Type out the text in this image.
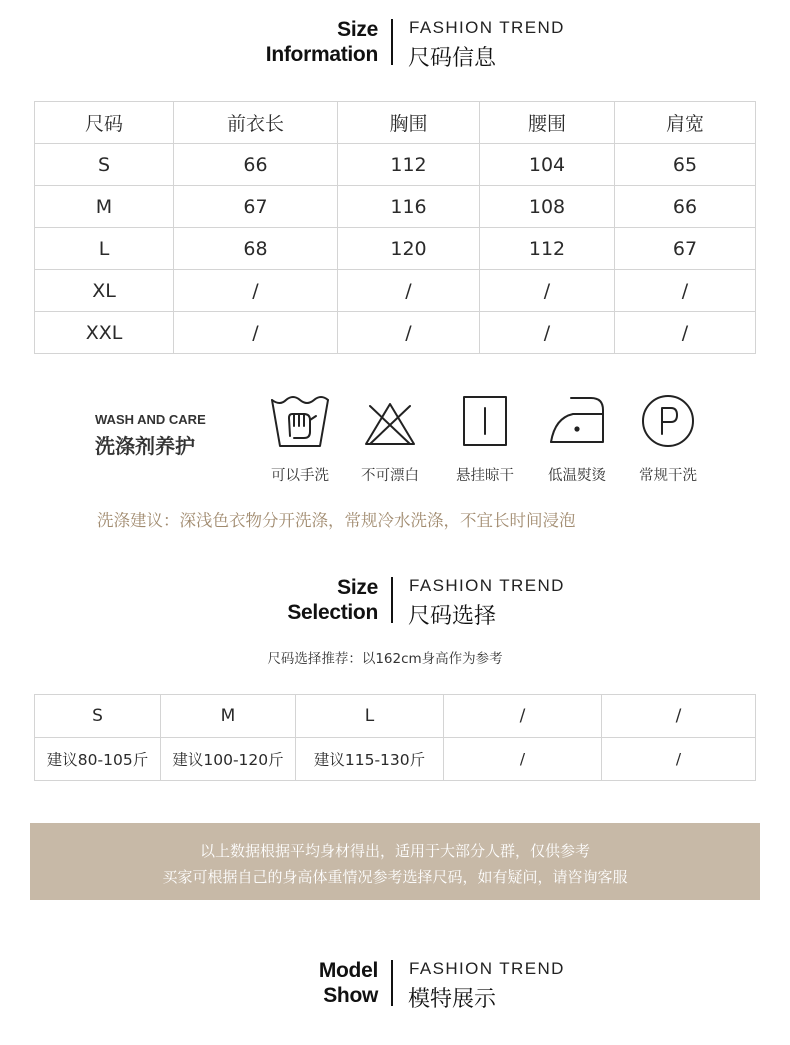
Size
Information
FASHION TREND
尺码信息
尺码	前衣长	胸围	腰围	肩宽
S	66	112	104	65
M	67	116	108	66
L	68	120	112	67
XL	/	/	/	/
XXL	/	/	/	/
WASH AND CARE
洗涤剂养护
可以手洗	不可漂白	悬挂晾干	低温熨烫	常规干洗
洗涤建议：深浅色衣物分开洗涤，常规冷水洗涤，不宜长时间浸泡
Size
Selection
FASHION TREND
尺码选择
尺码选择推荐：以162cm身高作为参考
S	M	L	/	/
建议80-105斤	建议100-120斤	建议115-130斤	/	/
以上数据根据平均身材得出，适用于大部分人群，仅供参考
买家可根据自己的身高体重情况参考选择尺码，如有疑问，请咨询客服
Model
Show
FASHION TREND
模特展示
